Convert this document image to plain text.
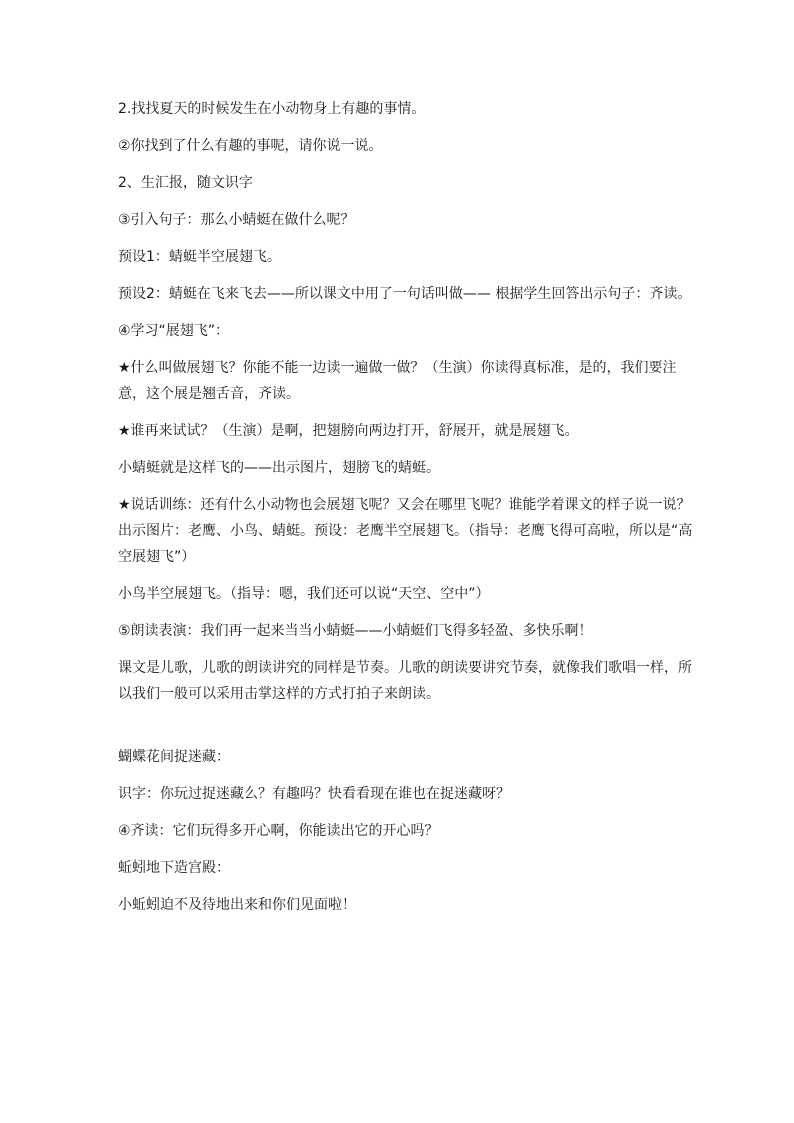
2.找找夏天的时候发生在小动物身上有趣的事情。

②你找到了什么有趣的事呢，请你说一说。

2、生汇报，随文识字

③引入句子：那么小蜻蜓在做什么呢？

预设1：蜻蜓半空展翅飞。

预设2：蜻蜓在飞来飞去——所以课文中用了一句话叫做—— 根据学生回答出示句子：齐读。

④学习“展翅飞”：

★什么叫做展翅飞？你能不能一边读一遍做一做？（生演）你读得真标准，是的，我们要注意，这个展是翘舌音，齐读。

★谁再来试试？（生演）是啊，把翅膀向两边打开，舒展开，就是展翅飞。

小蜻蜓就是这样飞的——出示图片，翅膀飞的蜻蜓。

★说话训练：还有什么小动物也会展翅飞呢？又会在哪里飞呢？谁能学着课文的样子说一说？出示图片：老鹰、小鸟、蜻蜓。预设：老鹰半空展翅飞。（指导：老鹰飞得可高啦，所以是“高空展翅飞”）

小鸟半空展翅飞。（指导：嗯，我们还可以说“天空、空中”）

⑤朗读表演：我们再一起来当当小蜻蜓——小蜻蜓们飞得多轻盈、多快乐啊！

课文是儿歌，儿歌的朗读讲究的同样是节奏。儿歌的朗读要讲究节奏，就像我们歌唱一样，所以我们一般可以采用击掌这样的方式打拍子来朗读。

蝴蝶花间捉迷藏：

识字：你玩过捉迷藏么？有趣吗？快看看现在谁也在捉迷藏呀？

④齐读：它们玩得多开心啊，你能读出它的开心吗？

蚯蚓地下造宫殿：

小蚯蚓迫不及待地出来和你们见面啦！
